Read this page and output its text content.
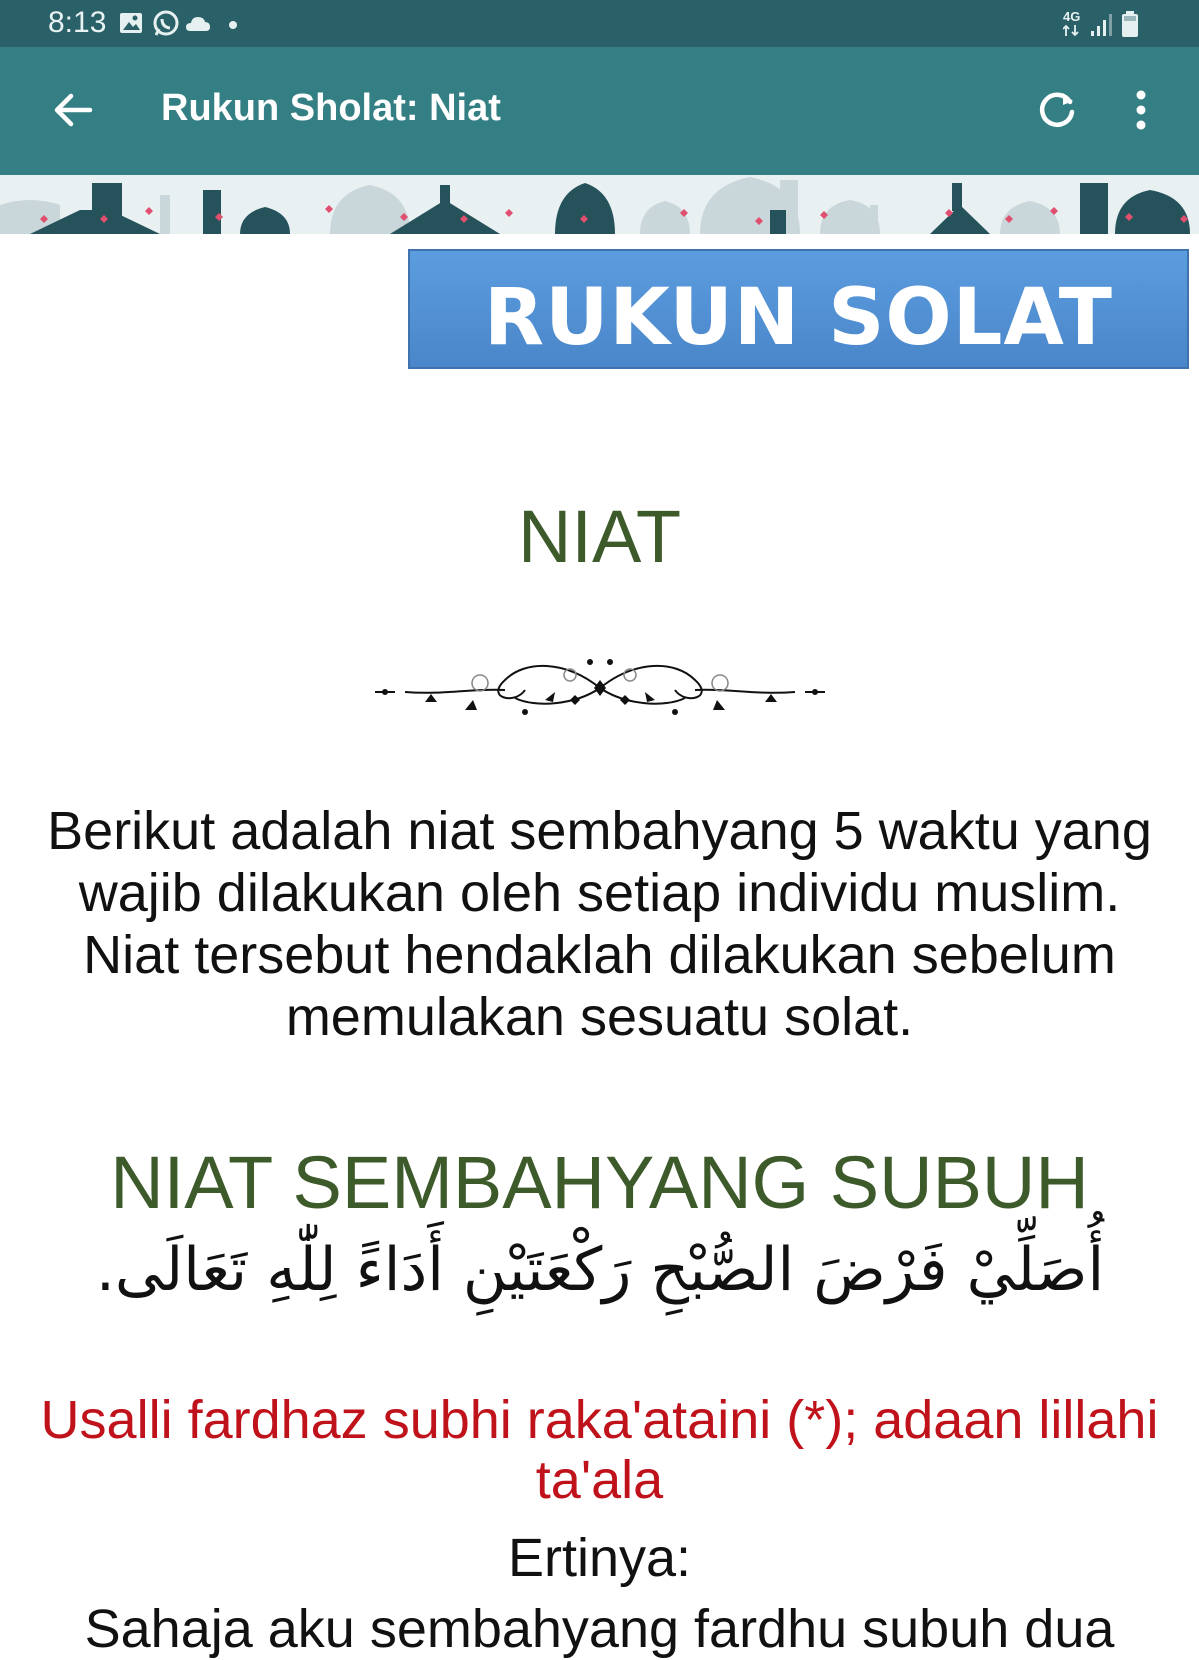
8:13	4G
Rukun Sholat: Niat
RUKUN SOLAT
NIAT
Berikut adalah niat sembahyang 5 waktu yang wajib dilakukan oleh setiap individu muslim. Niat tersebut hendaklah dilakukan sebelum memulakan sesuatu solat.
NIAT SEMBAHYANG SUBUH
أُصَلِّيْ فَرْضَ الصُّبْحِ رَكْعَتَيْنِ أَدَاءً لِلّٰهِ تَعَالَى.
Usalli fardhaz subhi raka'ataini (*); adaan lillahi ta'ala
Ertinya:
Sahaja aku sembahyang fardhu subuh dua
